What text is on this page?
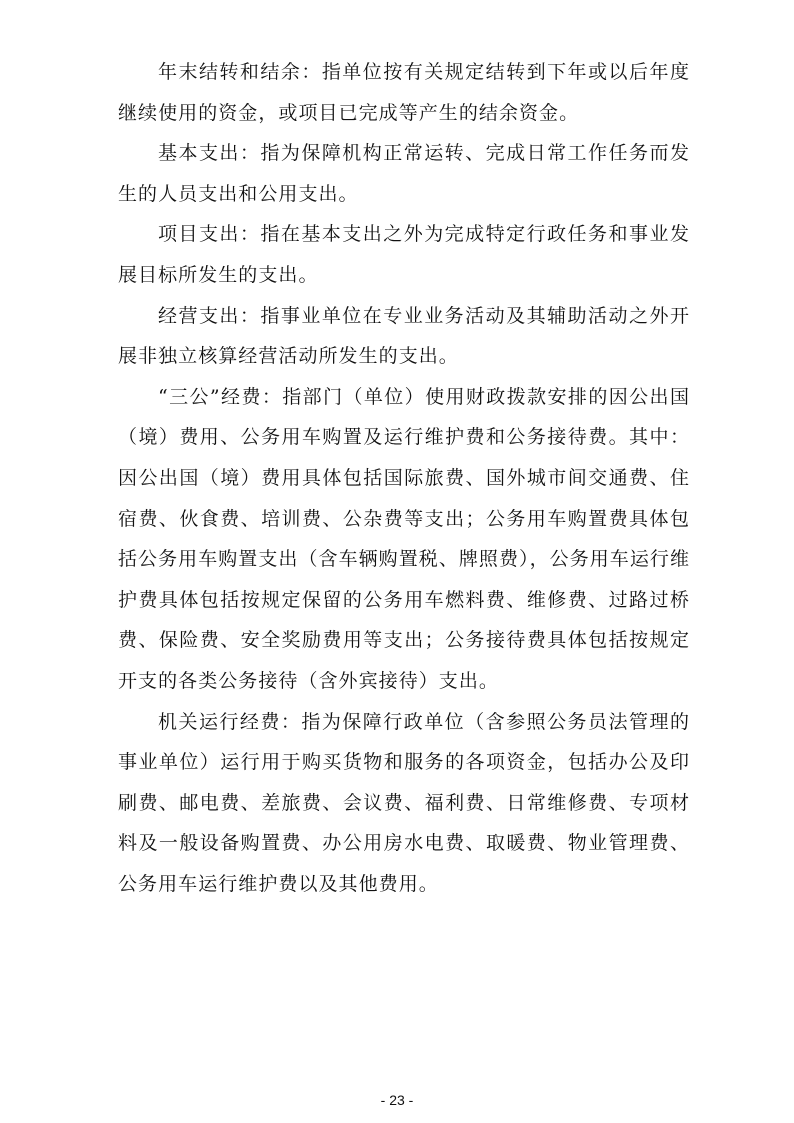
年末结转和结余：指单位按有关规定结转到下年或以后年度继续使用的资金，或项目已完成等产生的结余资金。

基本支出：指为保障机构正常运转、完成日常工作任务而发生的人员支出和公用支出。

项目支出：指在基本支出之外为完成特定行政任务和事业发展目标所发生的支出。

经营支出：指事业单位在专业业务活动及其辅助活动之外开展非独立核算经营活动所发生的支出。

“三公”经费：指部门（单位）使用财政拨款安排的因公出国（境）费用、公务用车购置及运行维护费和公务接待费。其中：因公出国（境）费用具体包括国际旅费、国外城市间交通费、住宿费、伙食费、培训费、公杂费等支出；公务用车购置费具体包括公务用车购置支出（含车辆购置税、牌照费），公务用车运行维护费具体包括按规定保留的公务用车燃料费、维修费、过路过桥费、保险费、安全奖励费用等支出；公务接待费具体包括按规定开支的各类公务接待（含外宾接待）支出。

机关运行经费：指为保障行政单位（含参照公务员法管理的事业单位）运行用于购买货物和服务的各项资金，包括办公及印刷费、邮电费、差旅费、会议费、福利费、日常维修费、专项材料及一般设备购置费、办公用房水电费、取暖费、物业管理费、公务用车运行维护费以及其他费用。

- 23 -
